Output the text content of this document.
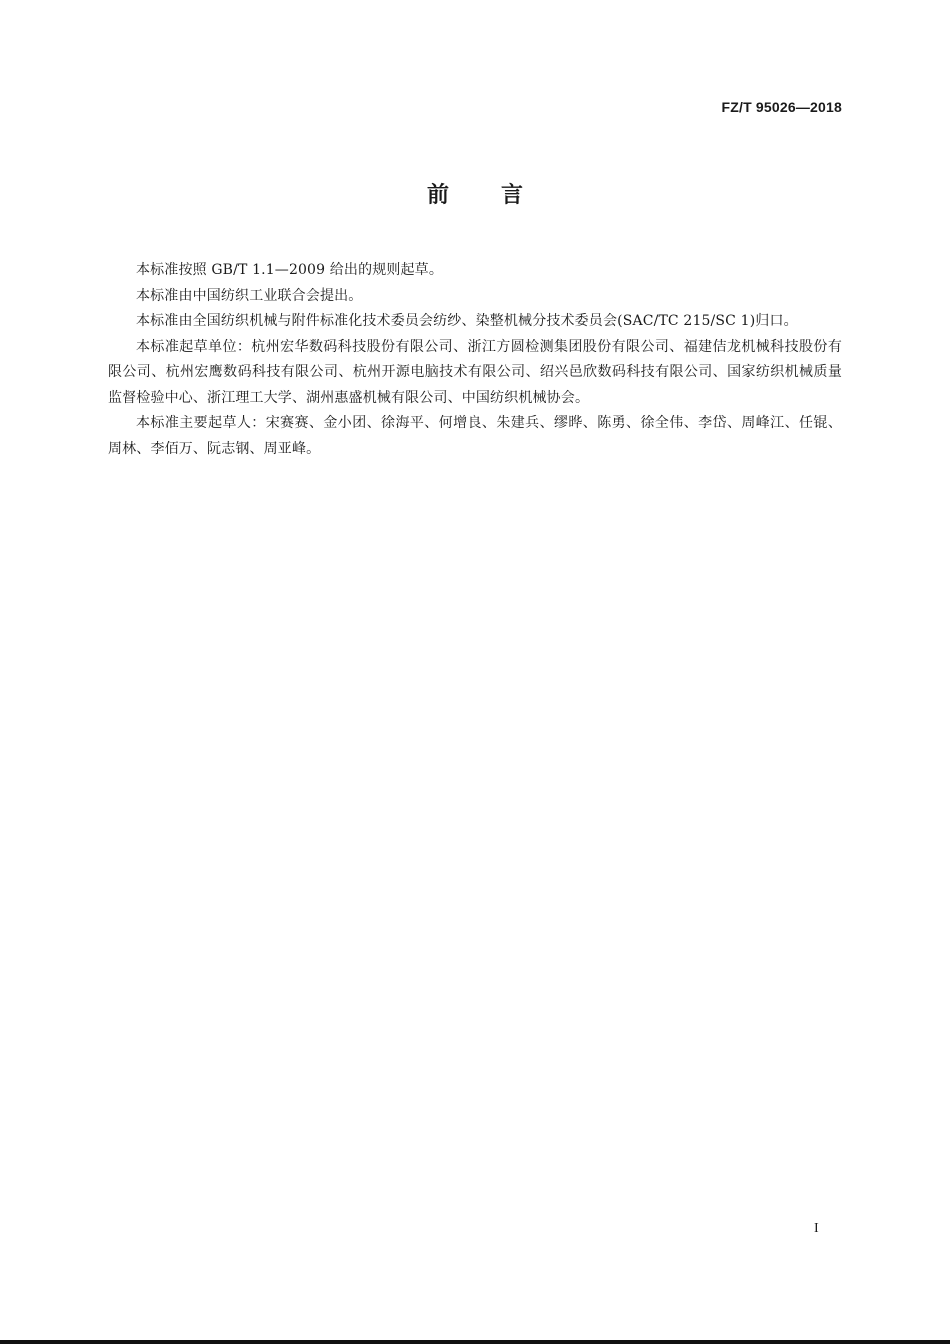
FZ/T 95026—2018
前 言

本标准按照 GB/T 1.1—2009 给出的规则起草。

本标准由中国纺织工业联合会提出。

本标准由全国纺织机械与附件标准化技术委员会纺纱、染整机械分技术委员会(SAC/TC 215/SC 1)归口。

本标准起草单位：杭州宏华数码科技股份有限公司、浙江方圆检测集团股份有限公司、福建佶龙机械科技股份有限公司、杭州宏鹰数码科技有限公司、杭州开源电脑技术有限公司、绍兴邑欣数码科技有限公司、国家纺织机械质量监督检验中心、浙江理工大学、湖州惠盛机械有限公司、中国纺织机械协会。

本标准主要起草人：宋赛赛、金小团、徐海平、何增良、朱建兵、缪晔、陈勇、徐全伟、李岱、周峰江、任锟、周林、李佰万、阮志钢、周亚峰。

I
